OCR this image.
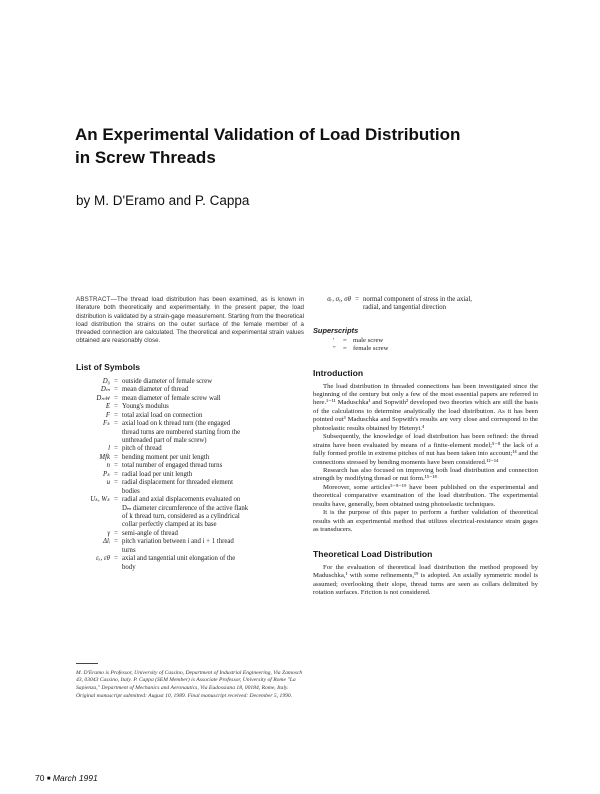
An Experimental Validation of Load Distribution
in Screw Threads

by M. D'Eramo and P. Cappa

ABSTRACT—The thread load distribution has been examined, as is known in literature both theoretically and experimentally. In the present paper, the load distribution is validated by a strain-gage measurement. Starting from the theoretical load distribution the strains on the outer surface of the female member of a threaded connection are calculated. The theoretical and experimental strain values obtained are reasonably close.

List of Symbols
D₀ = outside diameter of female screw
Dₘ = mean diameter of thread
Dₘw = mean diameter of female screw wall
E = Young's modulus
F = total axial load on connection
Fₖ = axial load on k thread turn (the engaged
thread turns are numbered starting from the
unthreaded part of male screw)
l = pitch of thread
Mfk = bending moment per unit length
n = total number of engaged thread turns
Pₖ = radial load per unit length
u = radial displacement for threaded element
bodies
Uₖ, Wₖ = radial and axial displacements evaluated on
Dₘ diameter circumference of the active flank
of k thread turn, considered as a cylindrical
collar perfectly clamped at its base
γ = semi-angle of thread
Δlᵢ = pitch variation between i and i + 1 thread
turns
εₓ, εθ = axial and tangential unit elongation of the
body

M. D'Eramo is Professor, University of Cassino, Department of Industrial Engineering, Via Zamosch 43, 03043 Cassino, Italy. P. Cappa (SEM Member) is Associate Professor, University of Rome "La Sapienza," Department of Mechanics and Aeronautics, Via Eudossiana 18, 00184, Rome, Italy.

Original manuscript submitted: August 10, 1989. Final manuscript received: December 5, 1990.

σᵣ, σₓ, σθ = normal component of stress in the axial,
radial, and tangential direction
Superscripts
′	= male screw
″	= female screw
Introduction

The load distribution in threaded connections has been investigated since the beginning of the century but only a few of the most essential papers are referred to here.¹⁻¹¹ Maduschka¹ and Sopwith² developed two theories which are still the basis of the calculations to determine analytically the load distribution. As it has been pointed out³ Maduschka and Sopwith's results are very close and correspond to the photoelastic results obtained by Hetenyi.⁴

Subsequently, the knowledge of load distribution has been refined: the thread strains have been evaluated by means of a finite-element model;⁵⁻⁸ the lack of a fully formed profile in extreme pitches of nut has been taken into account;¹⁴ and the connections stressed by bending moments have been considered.¹²⁻¹⁴

Research has also focused on improving both load distribution and connection strength by modifying thread or nut form.¹⁵⁻¹⁸

Moreover, some articles⁵⁻⁸⁻¹⁹ have been published on the experimental and theoretical comparative examination of the load distribution. The experimental results have, generally, been obtained using photoelastic techniques.

It is the purpose of this paper to perform a further validation of theoretical results with an experimental method that utilizes electrical-resistance strain gages as transducers.

Theoretical Load Distribution

For the evaluation of theoretical load distribution the method proposed by Maduschka,¹ with some refinements,¹⁹ is adopted. An axially symmetric model is assumed; overlooking their slope, thread turns are seen as collars delimited by rotation surfaces. Friction is not considered.

70 ■ March 1991
